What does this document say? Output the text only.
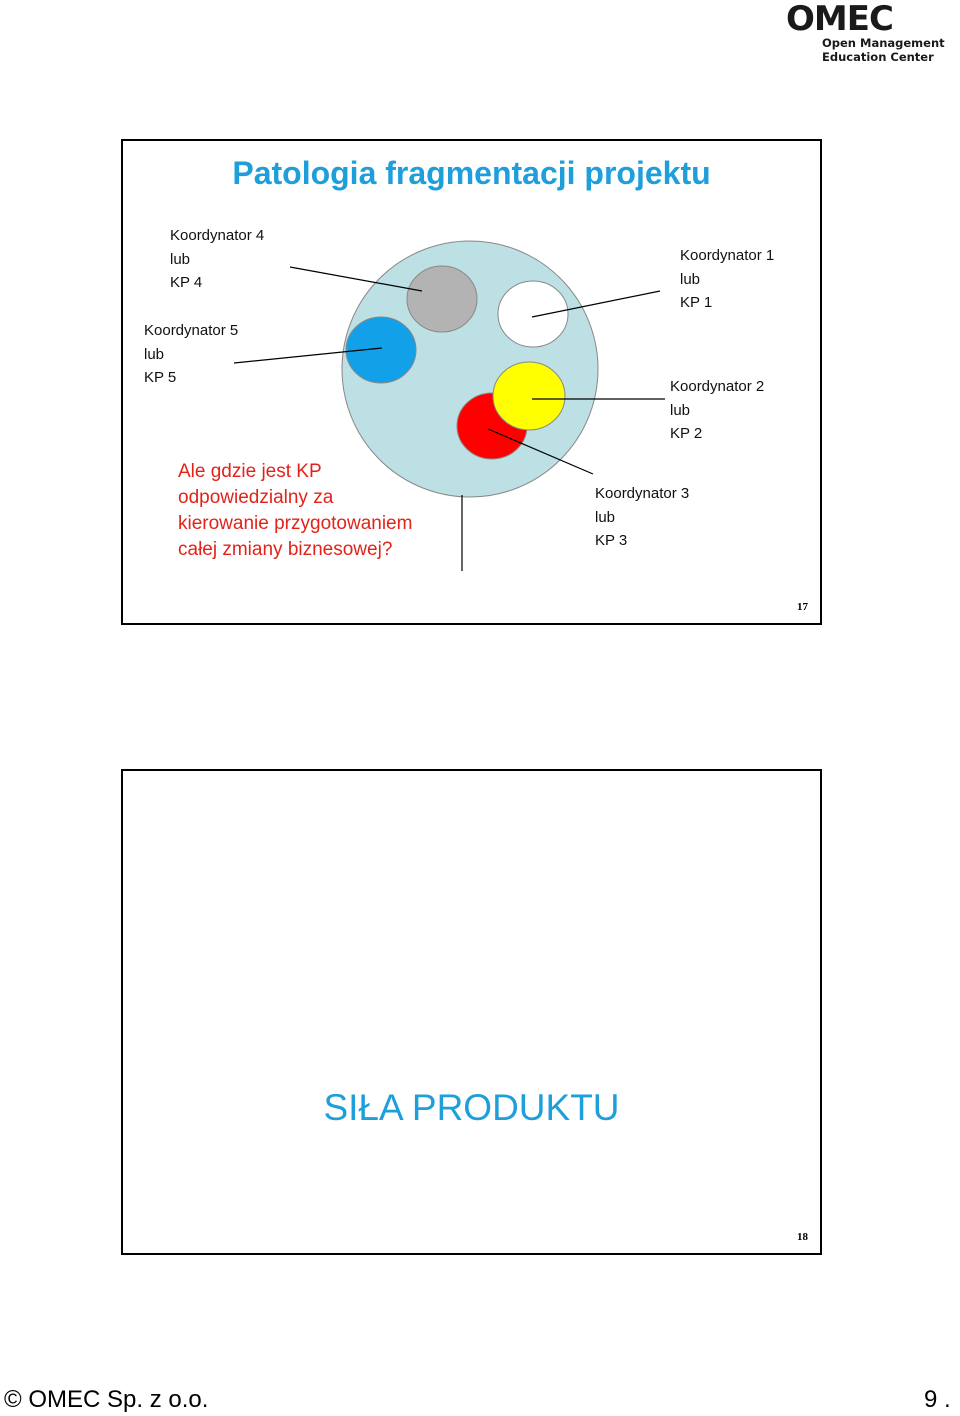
OMEC
Open Management
Education Center
Patologia fragmentacji projektu
Koordynator 4
lub
KP 4
Koordynator 5
lub
KP 5
Koordynator 1
lub
KP 1
Koordynator 2
lub
KP 2
Koordynator 3
lub
KP 3
Ale gdzie jest KP odpowiedzialny za kierowanie przygotowaniem całej zmiany biznesowej?
17
SIŁA PRODUKTU
18
© OMEC Sp. z o.o.	9 .
